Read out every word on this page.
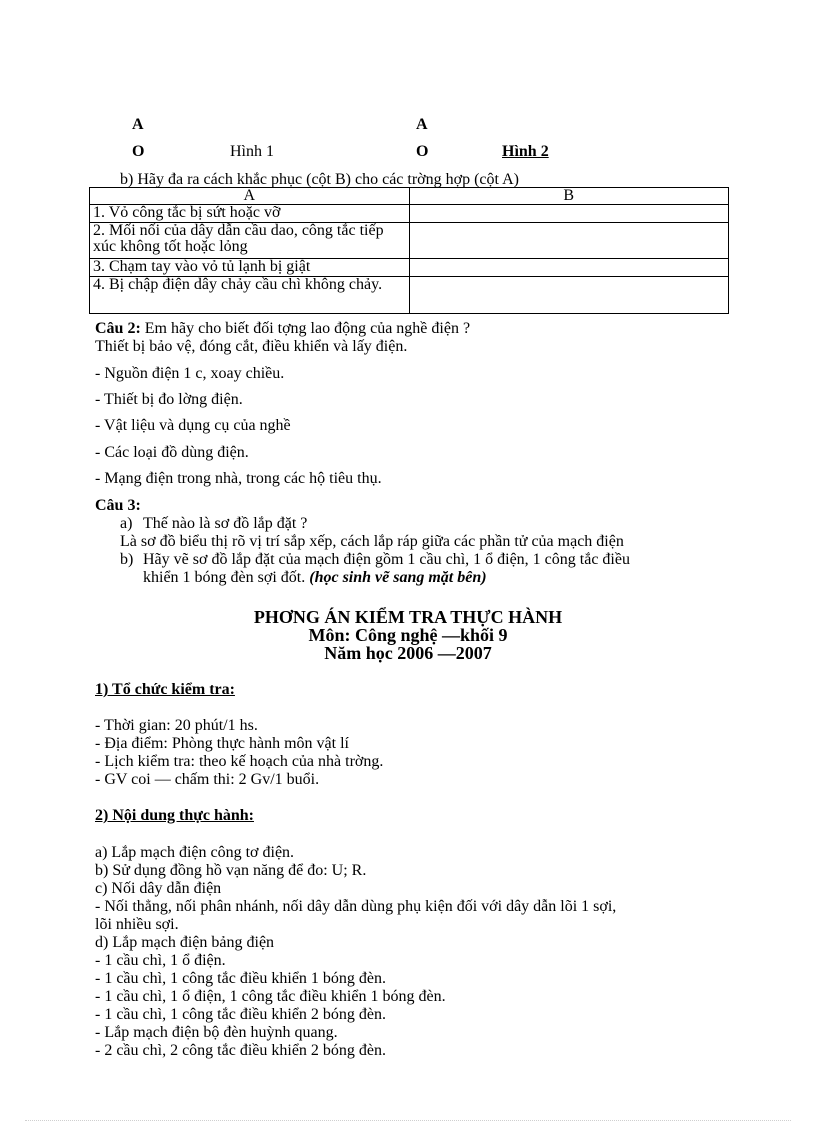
A	A
O	Hình 1	O	Hình 2
b) Hãy đa ra cách khắc phục (cột B) cho các trờng hợp (cột A)
A	B
1. Vỏ công tắc bị sứt hoặc vỡ	
2. Mối nối của dây dẫn cầu dao, công tắc tiếp xúc không tốt hoặc lỏng	
3. Chạm tay vào vỏ tủ lạnh bị giật	
4. Bị chập điện dây chảy cầu chì không chảy.	
Câu 2: Em hãy cho biết đối tợng lao động của nghề điện ?
Thiết bị bảo vệ, đóng cắt, điều khiển và lấy điện.
- Nguồn điện 1 c, xoay chiều.
- Thiết bị đo lờng điện.
- Vật liệu và dụng cụ của nghề
- Các loại đồ dùng điện.
- Mạng điện trong nhà, trong các hộ tiêu thụ.
Câu 3:
a) Thế nào là sơ đồ lắp đặt ?
Là sơ đồ biểu thị rõ vị trí sắp xếp, cách lắp ráp giữa các phần tử của mạch điện
b) Hãy vẽ sơ đồ lắp đặt của mạch điện gồm 1 cầu chì, 1 ổ điện, 1 công tắc điều
khiển 1 bóng đèn sợi đốt. (học sinh vẽ sang mặt bên)
PHƠNG ÁN KIỂM TRA THỰC HÀNH
Môn: Công nghệ —khối 9
Năm học 2006 —2007
1) Tổ chức kiểm tra:
- Thời gian: 20 phút/1 hs.
- Địa điểm: Phòng thực hành môn vật lí
- Lịch kiểm tra: theo kế hoạch của nhà trờng.
- GV coi — chấm thi: 2 Gv/1 buổi.
2) Nội dung thực hành:
a) Lắp mạch điện công tơ điện.
b) Sử dụng đồng hồ vạn năng để đo: U; R.
c) Nối dây dẫn điện
- Nối thẳng, nối phân nhánh, nối dây dẫn dùng phụ kiện đối với dây dẫn lõi 1 sợi,
lõi nhiều sợi.
d) Lắp mạch điện bảng điện
- 1 cầu chì, 1 ổ điện.
- 1 cầu chì, 1 công tắc điều khiển 1 bóng đèn.
- 1 cầu chì, 1 ổ điện, 1 công tắc điều khiển 1 bóng đèn.
- 1 cầu chì, 1 công tắc điều khiển 2 bóng đèn.
- Lắp mạch điện bộ đèn huỳnh quang.
- 2 cầu chì, 2 công tắc điều khiển 2 bóng đèn.
